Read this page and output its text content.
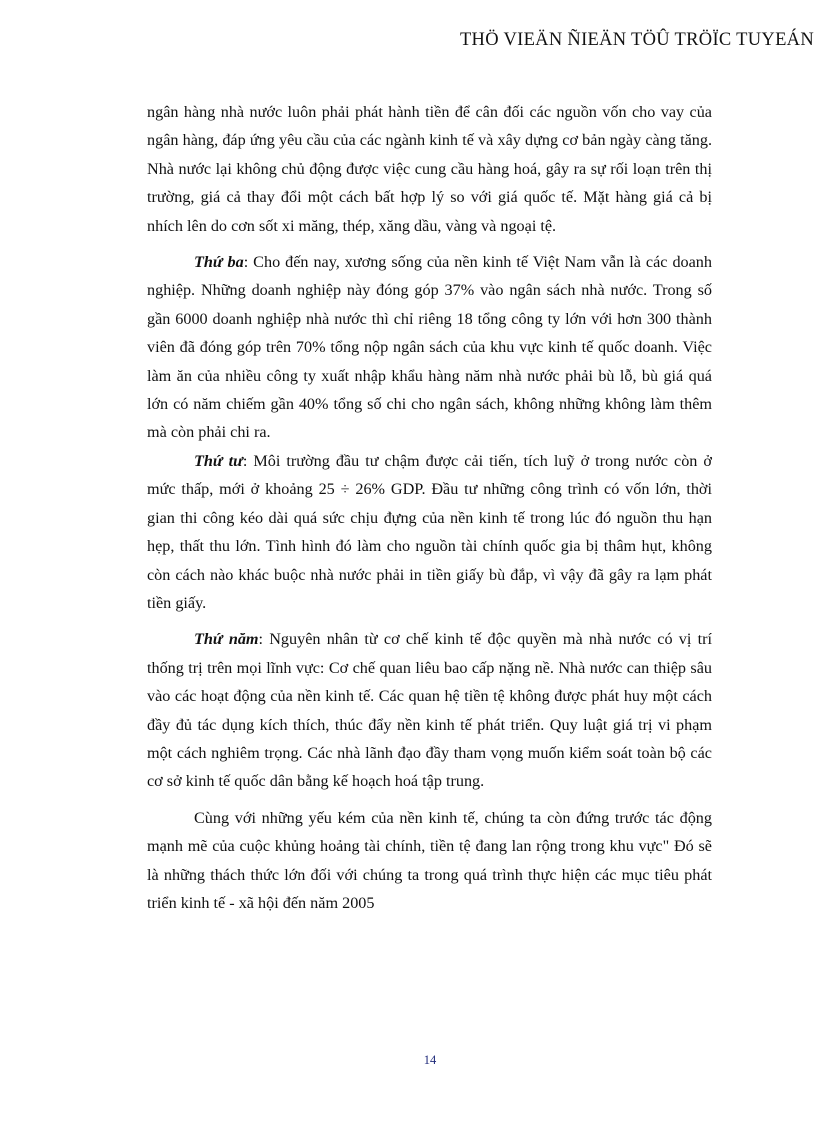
THÖ VIEÄN ÑIEÄN TÖÛ TRÖÏC TUYEÁN

ngân hàng nhà nước luôn phải phát hành tiền để cân đối các nguồn vốn cho vay của ngân hàng, đáp ứng yêu cầu của các ngành kinh tế và xây dựng cơ bản ngày càng tăng. Nhà nước lại không chủ động được việc cung cầu hàng hoá, gây ra sự rối loạn trên thị trường, giá cả thay đổi một cách bất hợp lý so với giá quốc tế. Mặt hàng giá cả bị nhích lên do cơn sốt xi măng, thép, xăng dầu, vàng và ngoại tệ.

Thứ ba: Cho đến nay, xương sống của nền kinh tế Việt Nam vẫn là các doanh nghiệp. Những doanh nghiệp này đóng góp 37% vào ngân sách nhà nước. Trong số gần 6000 doanh nghiệp nhà nước thì chỉ riêng 18 tổng công ty lớn với hơn 300 thành viên đã đóng góp trên 70% tổng nộp ngân sách của khu vực kinh tế quốc doanh. Việc làm ăn của nhiều công ty xuất nhập khẩu hàng năm nhà nước phải bù lỗ, bù giá quá lớn có năm chiếm gần 40% tổng số chi cho ngân sách, không những không làm thêm mà còn phải chi ra.

Thứ tư: Môi trường đầu tư chậm được cải tiến, tích luỹ ở trong nước còn ở mức thấp, mới ở khoảng 25 ÷ 26% GDP. Đầu tư những công trình có vốn lớn, thời gian thi công kéo dài quá sức chịu đựng của nền kinh tế trong lúc đó nguồn thu hạn hẹp, thất thu lớn. Tình hình đó làm cho nguồn tài chính quốc gia bị thâm hụt, không còn cách nào khác buộc nhà nước phải in tiền giấy bù đắp, vì vậy đã gây ra lạm phát tiền giấy.

Thứ năm: Nguyên nhân từ cơ chế kinh tế độc quyền mà nhà nước có vị trí thống trị trên mọi lĩnh vực: Cơ chế quan liêu bao cấp nặng nề. Nhà nước can thiệp sâu vào các hoạt động của nền kinh tế. Các quan hệ tiền tệ không được phát huy một cách đầy đủ tác dụng kích thích, thúc đẩy nền kinh tế phát triển. Quy luật giá trị vi phạm một cách nghiêm trọng. Các nhà lãnh đạo đầy tham vọng muốn kiểm soát toàn bộ các cơ sở kinh tế quốc dân bằng kế hoạch hoá tập trung.

Cùng với những yếu kém của nền kinh tế, chúng ta còn đứng trước tác động mạnh mẽ của cuộc khủng hoảng tài chính, tiền tệ đang lan rộng trong khu vực" Đó sẽ là những thách thức lớn đối với chúng ta trong quá trình thực hiện các mục tiêu phát triển kinh tế - xã hội đến năm 2005

14
